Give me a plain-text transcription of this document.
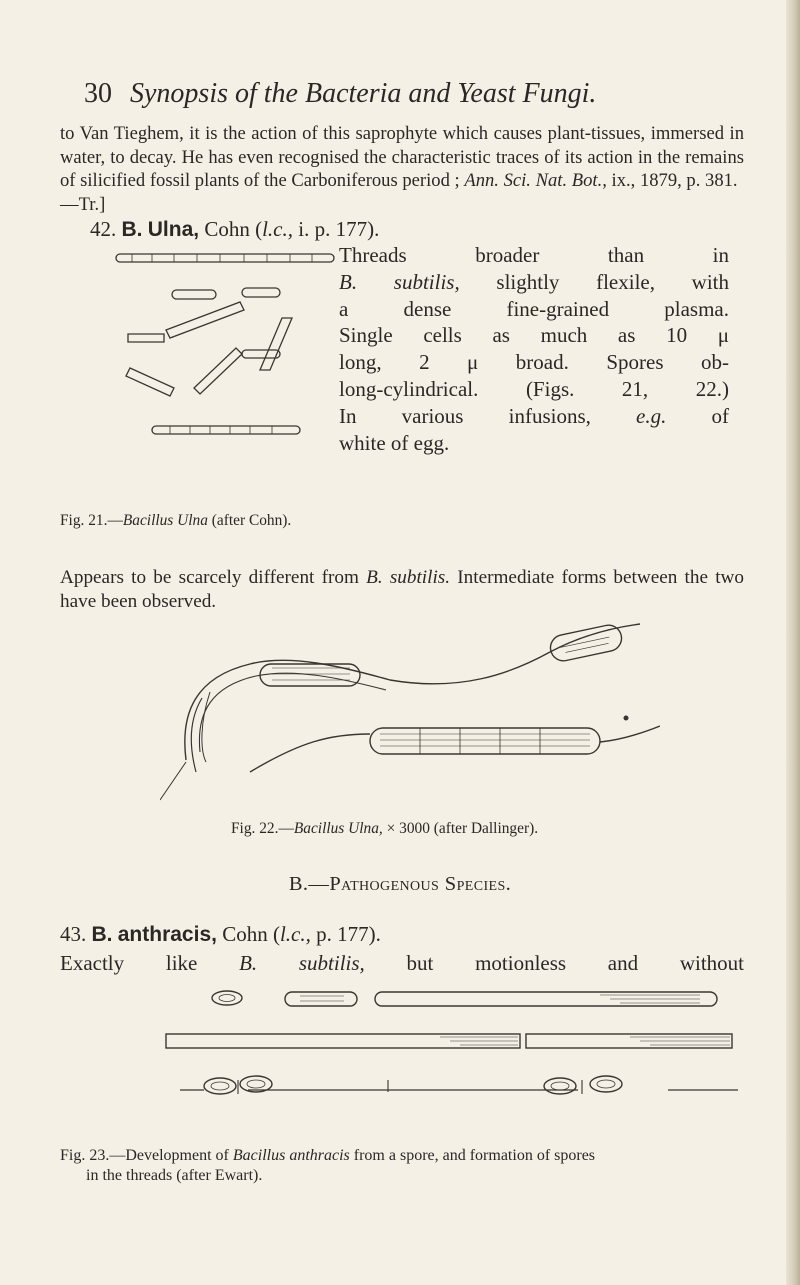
30 Synopsis of the Bacteria and Yeast Fungi.

to Van Tieghem, it is the action of this saprophyte which causes plant-tissues, immersed in water, to decay. He has even recognised the characteristic traces of its action in the remains of silicified fossil plants of the Carboniferous period ; Ann. Sci. Nat. Bot., ix., 1879, p. 381.
—Tr.]

42. B. Ulna, Cohn (l.c., i. p. 177).
Threads broader than in
B. subtilis, slightly flexile, with
a dense fine-grained plasma.
Single cells as much as 10 μ
long, 2 μ broad. Spores ob-
long-cylindrical. (Figs. 21, 22.)
In various infusions, e.g. of
white of egg.
Fig. 21.—Bacillus Ulna (after Cohn).

Appears to be scarcely different from B. subtilis. Intermediate forms between the two have been observed.

Fig. 22.—Bacillus Ulna, × 3000 (after Dallinger).
B.—Pathogenous Species.
43. B. anthracis, Cohn (l.c., p. 177).
Exactly like B. subtilis, but motionless and without
Fig. 23.—Development of Bacillus anthracis from a spore, and formation of spores
in the threads (after Ewart).
